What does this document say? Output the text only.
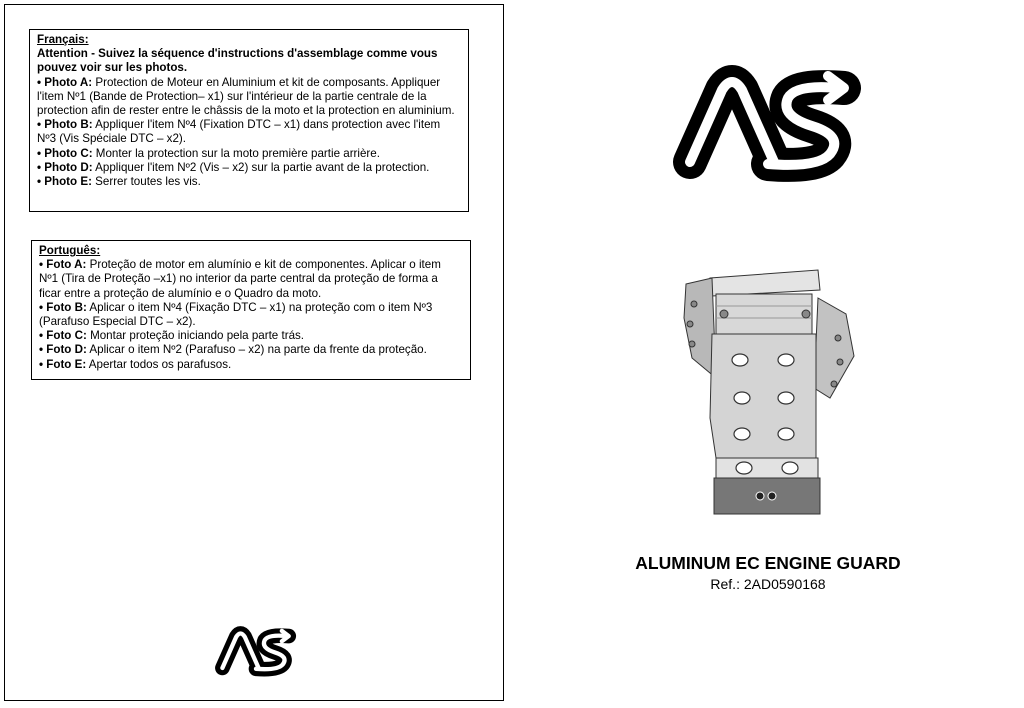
Français:

Attention - Suivez la séquence d'instructions d'assemblage comme vous pouvez voir sur les photos.

• Photo A: Protection de Moteur en Aluminium et kit de composants. Appliquer l'item Nº1 (Bande de Protection– x1) sur l'intérieur de la partie centrale de la protection afin de rester entre le châssis de la moto et la protection en aluminium.

• Photo B: Appliquer l'item Nº4 (Fixation DTC – x1) dans protection avec l'item Nº3 (Vis Spéciale DTC – x2).

• Photo C: Monter la protection sur la moto première partie arrière.

• Photo D: Appliquer l'item Nº2 (Vis – x2) sur la partie avant de la protection.

• Photo E: Serrer toutes les vis.

Português:

• Foto A: Proteção de motor em alumínio e kit de componentes. Aplicar o item Nº1 (Tira de Proteção –x1) no interior da parte central da proteção de forma a ficar entre a proteção de alumínio e o Quadro da moto.

• Foto B: Aplicar o item Nº4 (Fixação DTC – x1) na proteção com o item Nº3 (Parafuso Especial DTC – x2).

• Foto C: Montar proteção iniciando pela parte trás.

• Foto D: Aplicar o item Nº2 (Parafuso – x2) na parte da frente da proteção.

• Foto E: Apertar todos os parafusos.

ALUMINUM EC ENGINE GUARD
Ref.: 2AD0590168
